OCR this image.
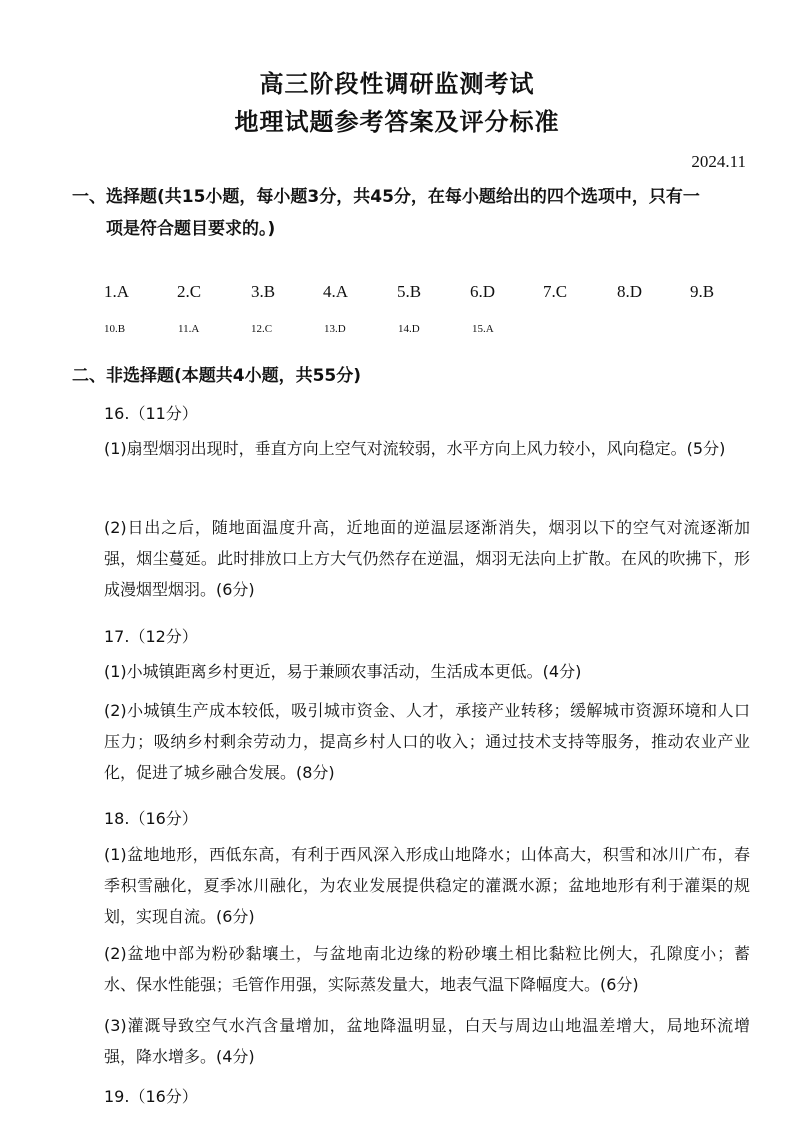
高三阶段性调研监测考试
地理试题参考答案及评分标准
2024.11
一、选择题(共15小题，每小题3分，共45分，在每小题给出的四个选项中，只有一
项是符合题目要求的。)
1.A	2.C	3.B	4.A	5.B	6.D	7.C	8.D	9.B
10.B	11.A	12.C	13.D	14.D	15.A
二、非选择题(本题共4小题，共55分)
16.（11分）
(1)扇型烟羽出现时，垂直方向上空气对流较弱，水平方向上风力较小，风向稳定。(5分)
(2)日出之后，随地面温度升高，近地面的逆温层逐渐消失，烟羽以下的空气对流逐渐加强，烟尘蔓延。此时排放口上方大气仍然存在逆温，烟羽无法向上扩散。在风的吹拂下，形成漫烟型烟羽。(6分)
17.（12分）
(1)小城镇距离乡村更近，易于兼顾农事活动，生活成本更低。(4分)
(2)小城镇生产成本较低，吸引城市资金、人才，承接产业转移；缓解城市资源环境和人口压力；吸纳乡村剩余劳动力，提高乡村人口的收入；通过技术支持等服务，推动农业产业化，促进了城乡融合发展。(8分)
18.（16分）
(1)盆地地形，西低东高，有利于西风深入形成山地降水；山体高大，积雪和冰川广布，春季积雪融化，夏季冰川融化，为农业发展提供稳定的灌溉水源；盆地地形有利于灌渠的规划，实现自流。(6分)
(2)盆地中部为粉砂黏壤土，与盆地南北边缘的粉砂壤土相比黏粒比例大，孔隙度小；蓄水、保水性能强；毛管作用强，实际蒸发量大，地表气温下降幅度大。(6分)
(3)灌溉导致空气水汽含量增加，盆地降温明显，白天与周边山地温差增大，局地环流增强，降水增多。(4分)
19.（16分）
